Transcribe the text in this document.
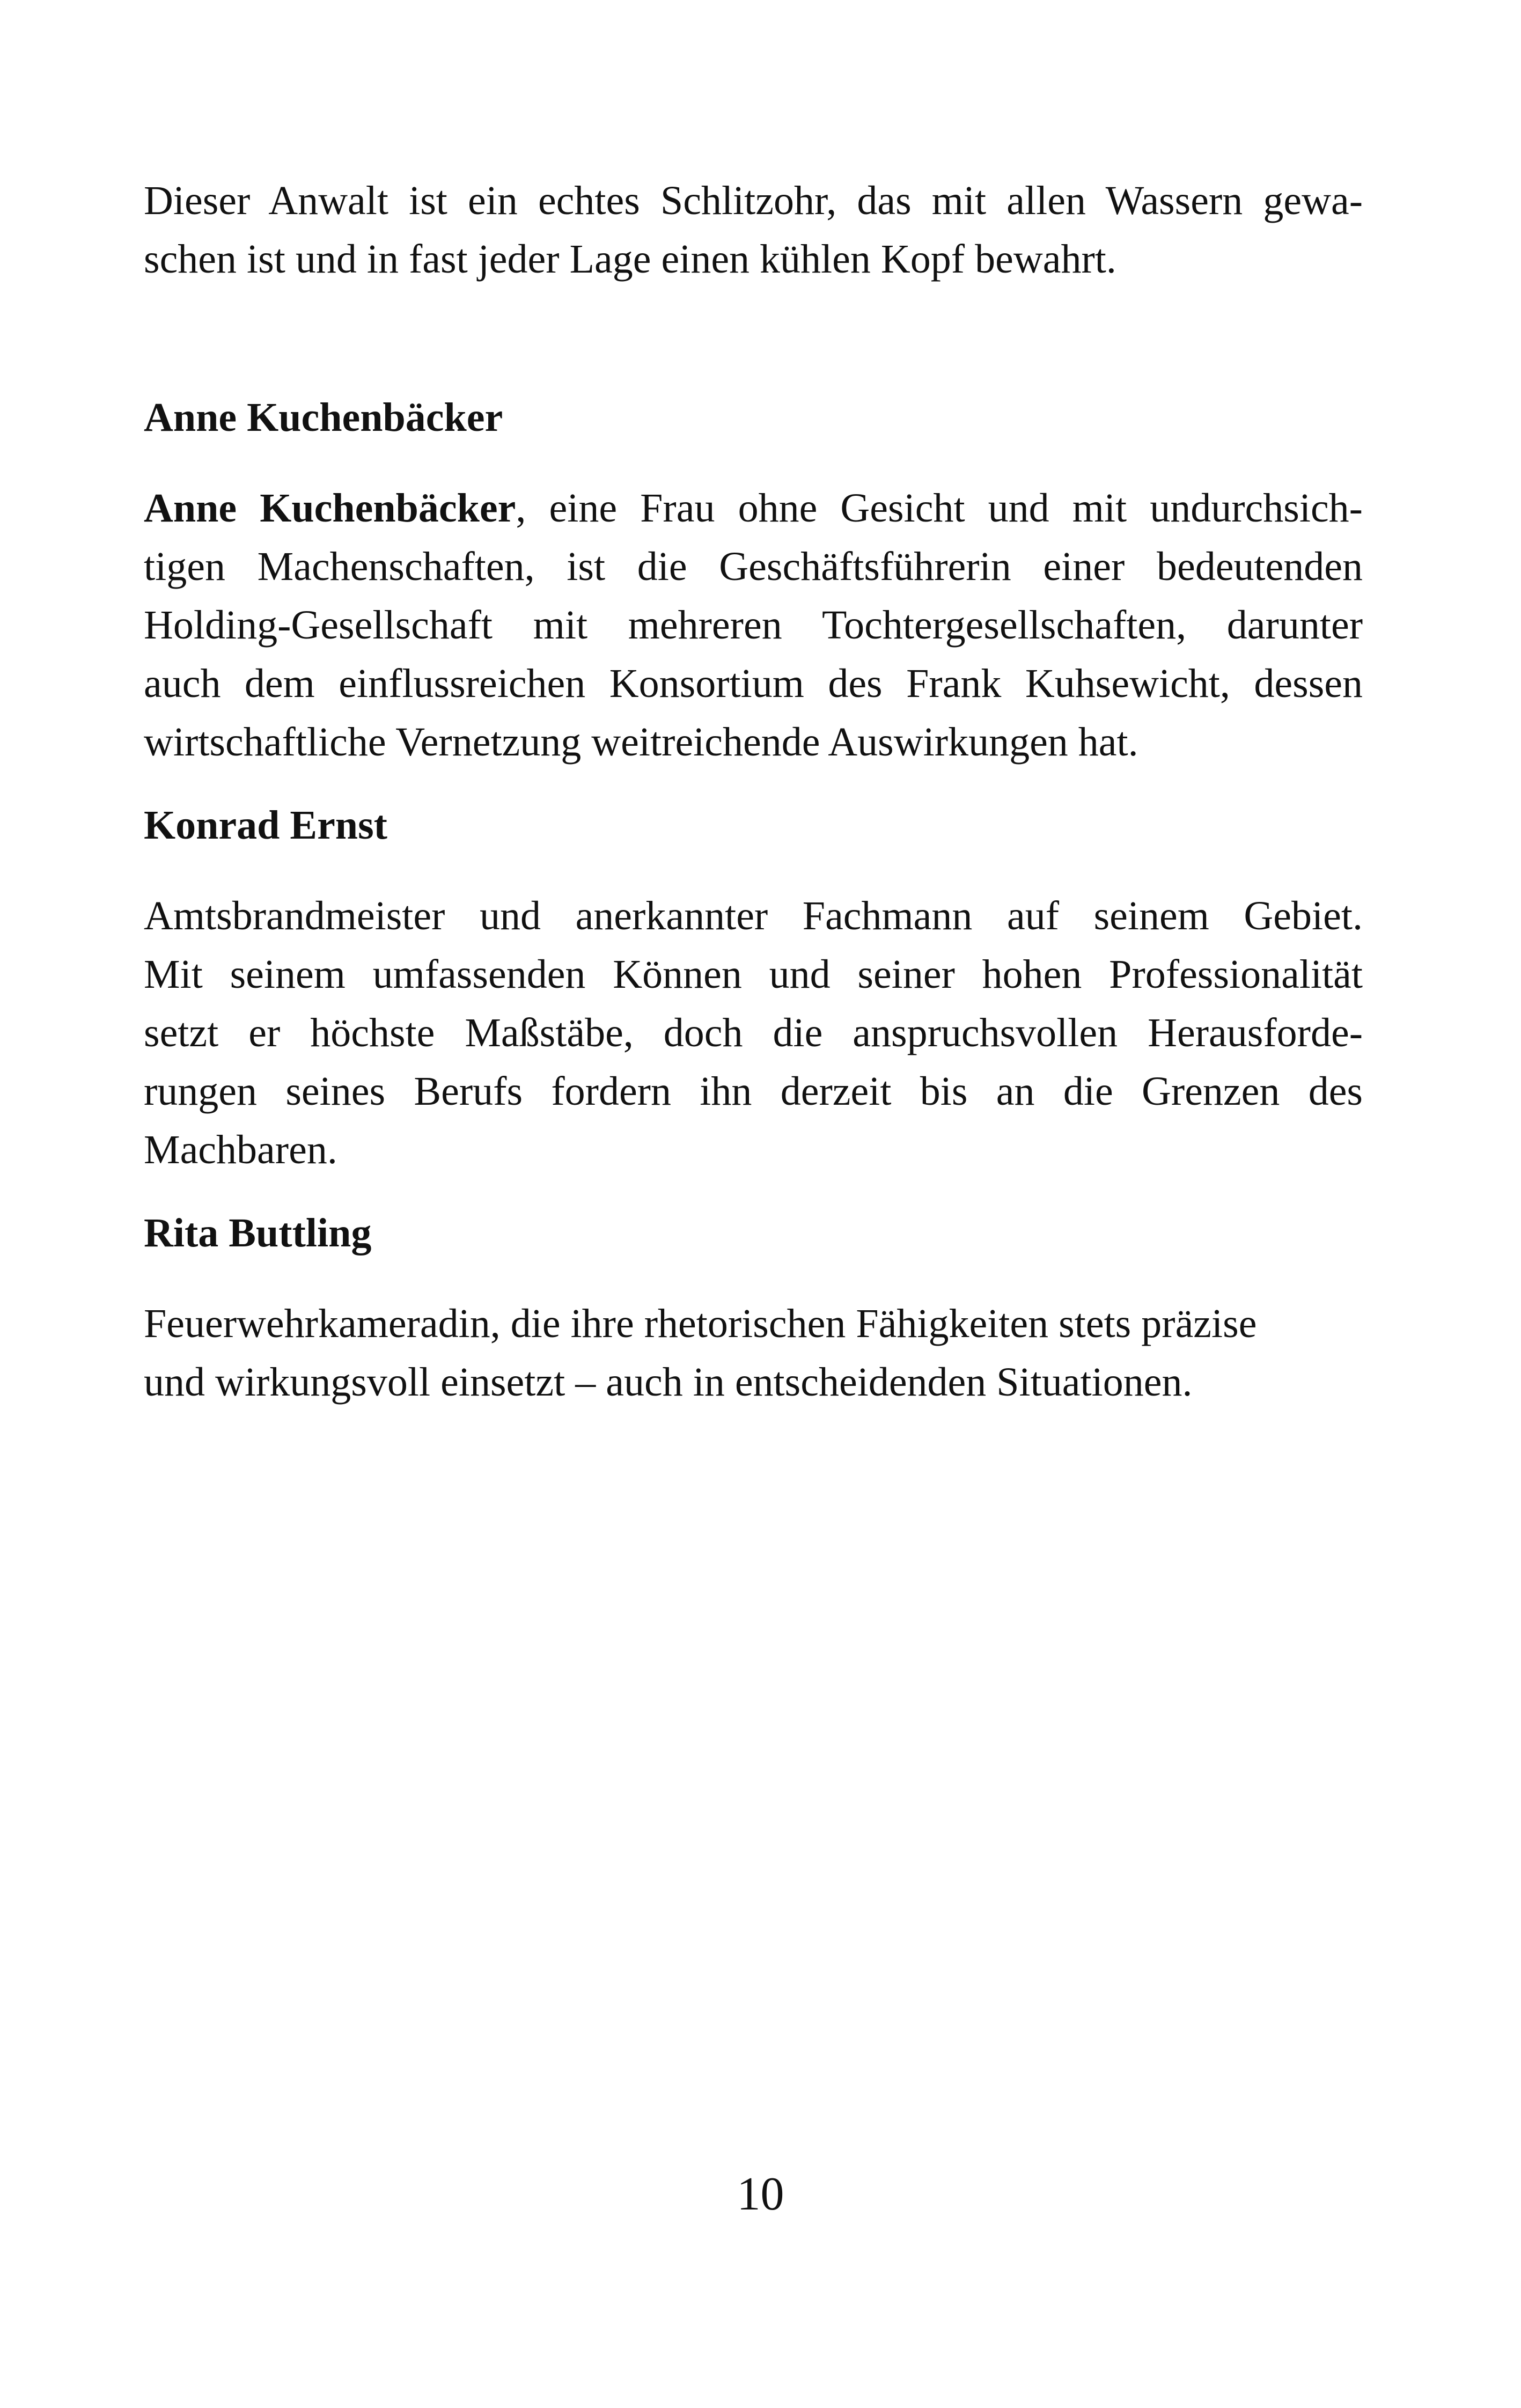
Dieser Anwalt ist ein echtes Schlitzohr, das mit allen Wassern gewa-
schen ist und in fast jeder Lage einen kühlen Kopf bewahrt.

Anne Kuchenbäcker

Anne Kuchenbäcker, eine Frau ohne Gesicht und mit undurchsich-
tigen Machenschaften, ist die Geschäftsführerin einer bedeutenden
Holding-Gesellschaft mit mehreren Tochtergesellschaften, darunter
auch dem einflussreichen Konsortium des Frank Kuhsewicht, dessen
wirtschaftliche Vernetzung weitreichende Auswirkungen hat.

Konrad Ernst

Amtsbrandmeister und anerkannter Fachmann auf seinem Gebiet.
Mit seinem umfassenden Können und seiner hohen Professionalität
setzt er höchste Maßstäbe, doch die anspruchsvollen Herausforde-
rungen seines Berufs fordern ihn derzeit bis an die Grenzen des
Machbaren.

Rita Buttling

Feuerwehrkameradin, die ihre rhetorischen Fähigkeiten stets präzise
und wirkungsvoll einsetzt – auch in entscheidenden Situationen.

10
